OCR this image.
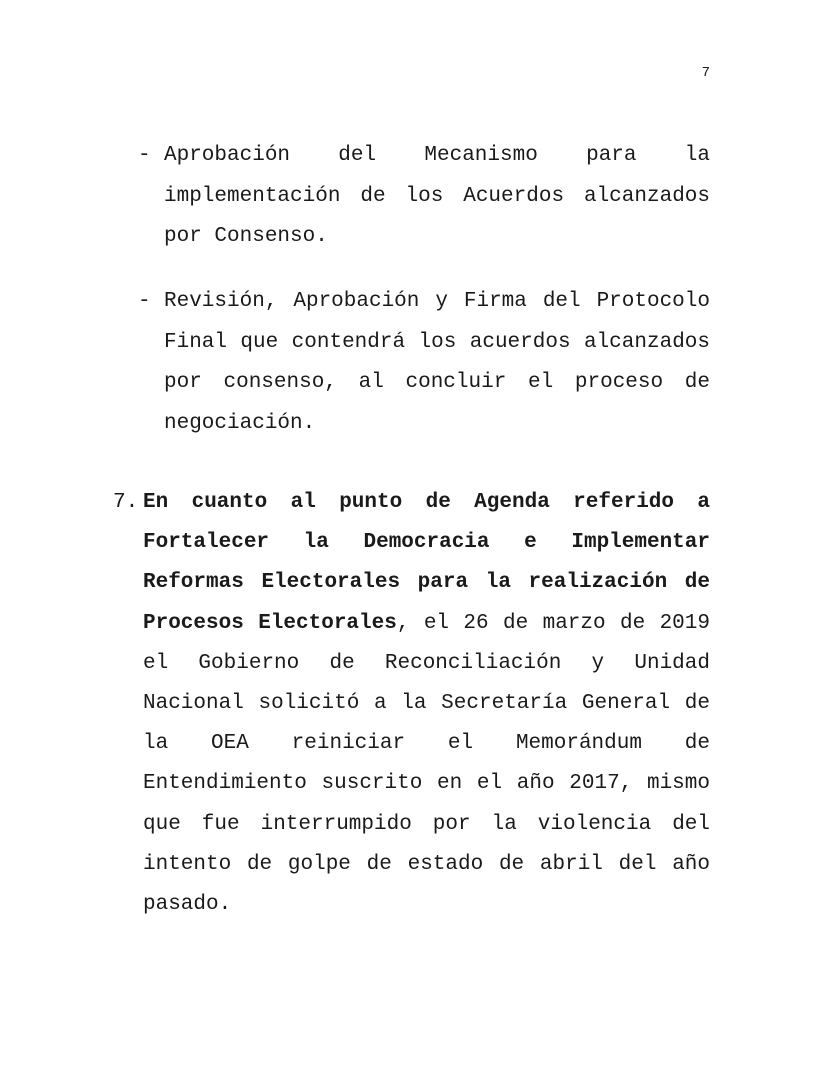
7
- Aprobación del Mecanismo para la implementación de los Acuerdos alcanzados por Consenso.
- Revisión, Aprobación y Firma del Protocolo Final que contendrá los acuerdos alcanzados por consenso, al concluir el proceso de negociación.
7. En cuanto al punto de Agenda referido a Fortalecer la Democracia e Implementar Reformas Electorales para la realización de Procesos Electorales, el 26 de marzo de 2019 el Gobierno de Reconciliación y Unidad Nacional solicitó a la Secretaría General de la OEA reiniciar el Memorándum de Entendimiento suscrito en el año 2017, mismo que fue interrumpido por la violencia del intento de golpe de estado de abril del año pasado.
